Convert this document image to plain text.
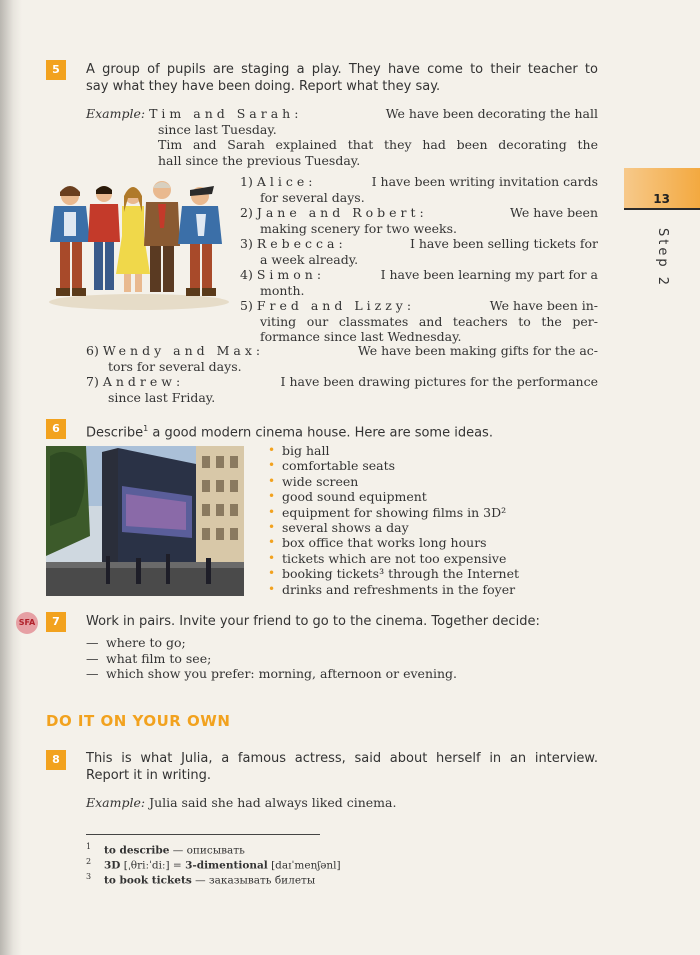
13
Step 2
5	A group of pupils are staging a play. They have come to their teacher to
say what they have been doing. Report what they say.
Example: Tim and Sarah:	We have been decorating the hall
since last Tuesday.
Tim and Sarah explained that they had been decorating the
hall since the previous Tuesday.
1) Alice:	I have been writing invitation cards
for several days.
2) Jane and Robert:	We have been
making scenery for two weeks.
3) Rebecca:	I have been selling tickets for
a week already.
4) Simon:	I have been learning my part for a
month.
5) Fred and Lizzy:	We have been in-
viting our classmates and teachers to the per-
formance since last Wednesday.
6) Wendy and Max:	We have been making gifts for the ac-
tors for several days.
7) Andrew:	I have been drawing pictures for the performance
since last Friday.
6	Describe$^1$ a good modern cinema house. Here are some ideas.
• big hall
• comfortable seats
• wide screen
• good sound equipment
• equipment for showing films in 3D²
• several shows a day
• box office that works long hours
• tickets which are not too expensive
• booking tickets³ through the Internet
• drinks and refreshments in the foyer
SFA	7	Work in pairs. Invite your friend to go to the cinema. Together decide:
— where to go;
— what film to see;
— which show you prefer: morning, afternoon or evening.
DO IT ON YOUR OWN
8	This is what Julia, a famous actress, said about herself in an interview.
Report it in writing.
Example: Julia said she had always liked cinema.
$^1$ to describe — описывать
$^2$ 3D [ˌθriːˈdiː] = 3-dimentional [daɪˈmenʃənl]
$^3$ to book tickets — заказывать билеты
